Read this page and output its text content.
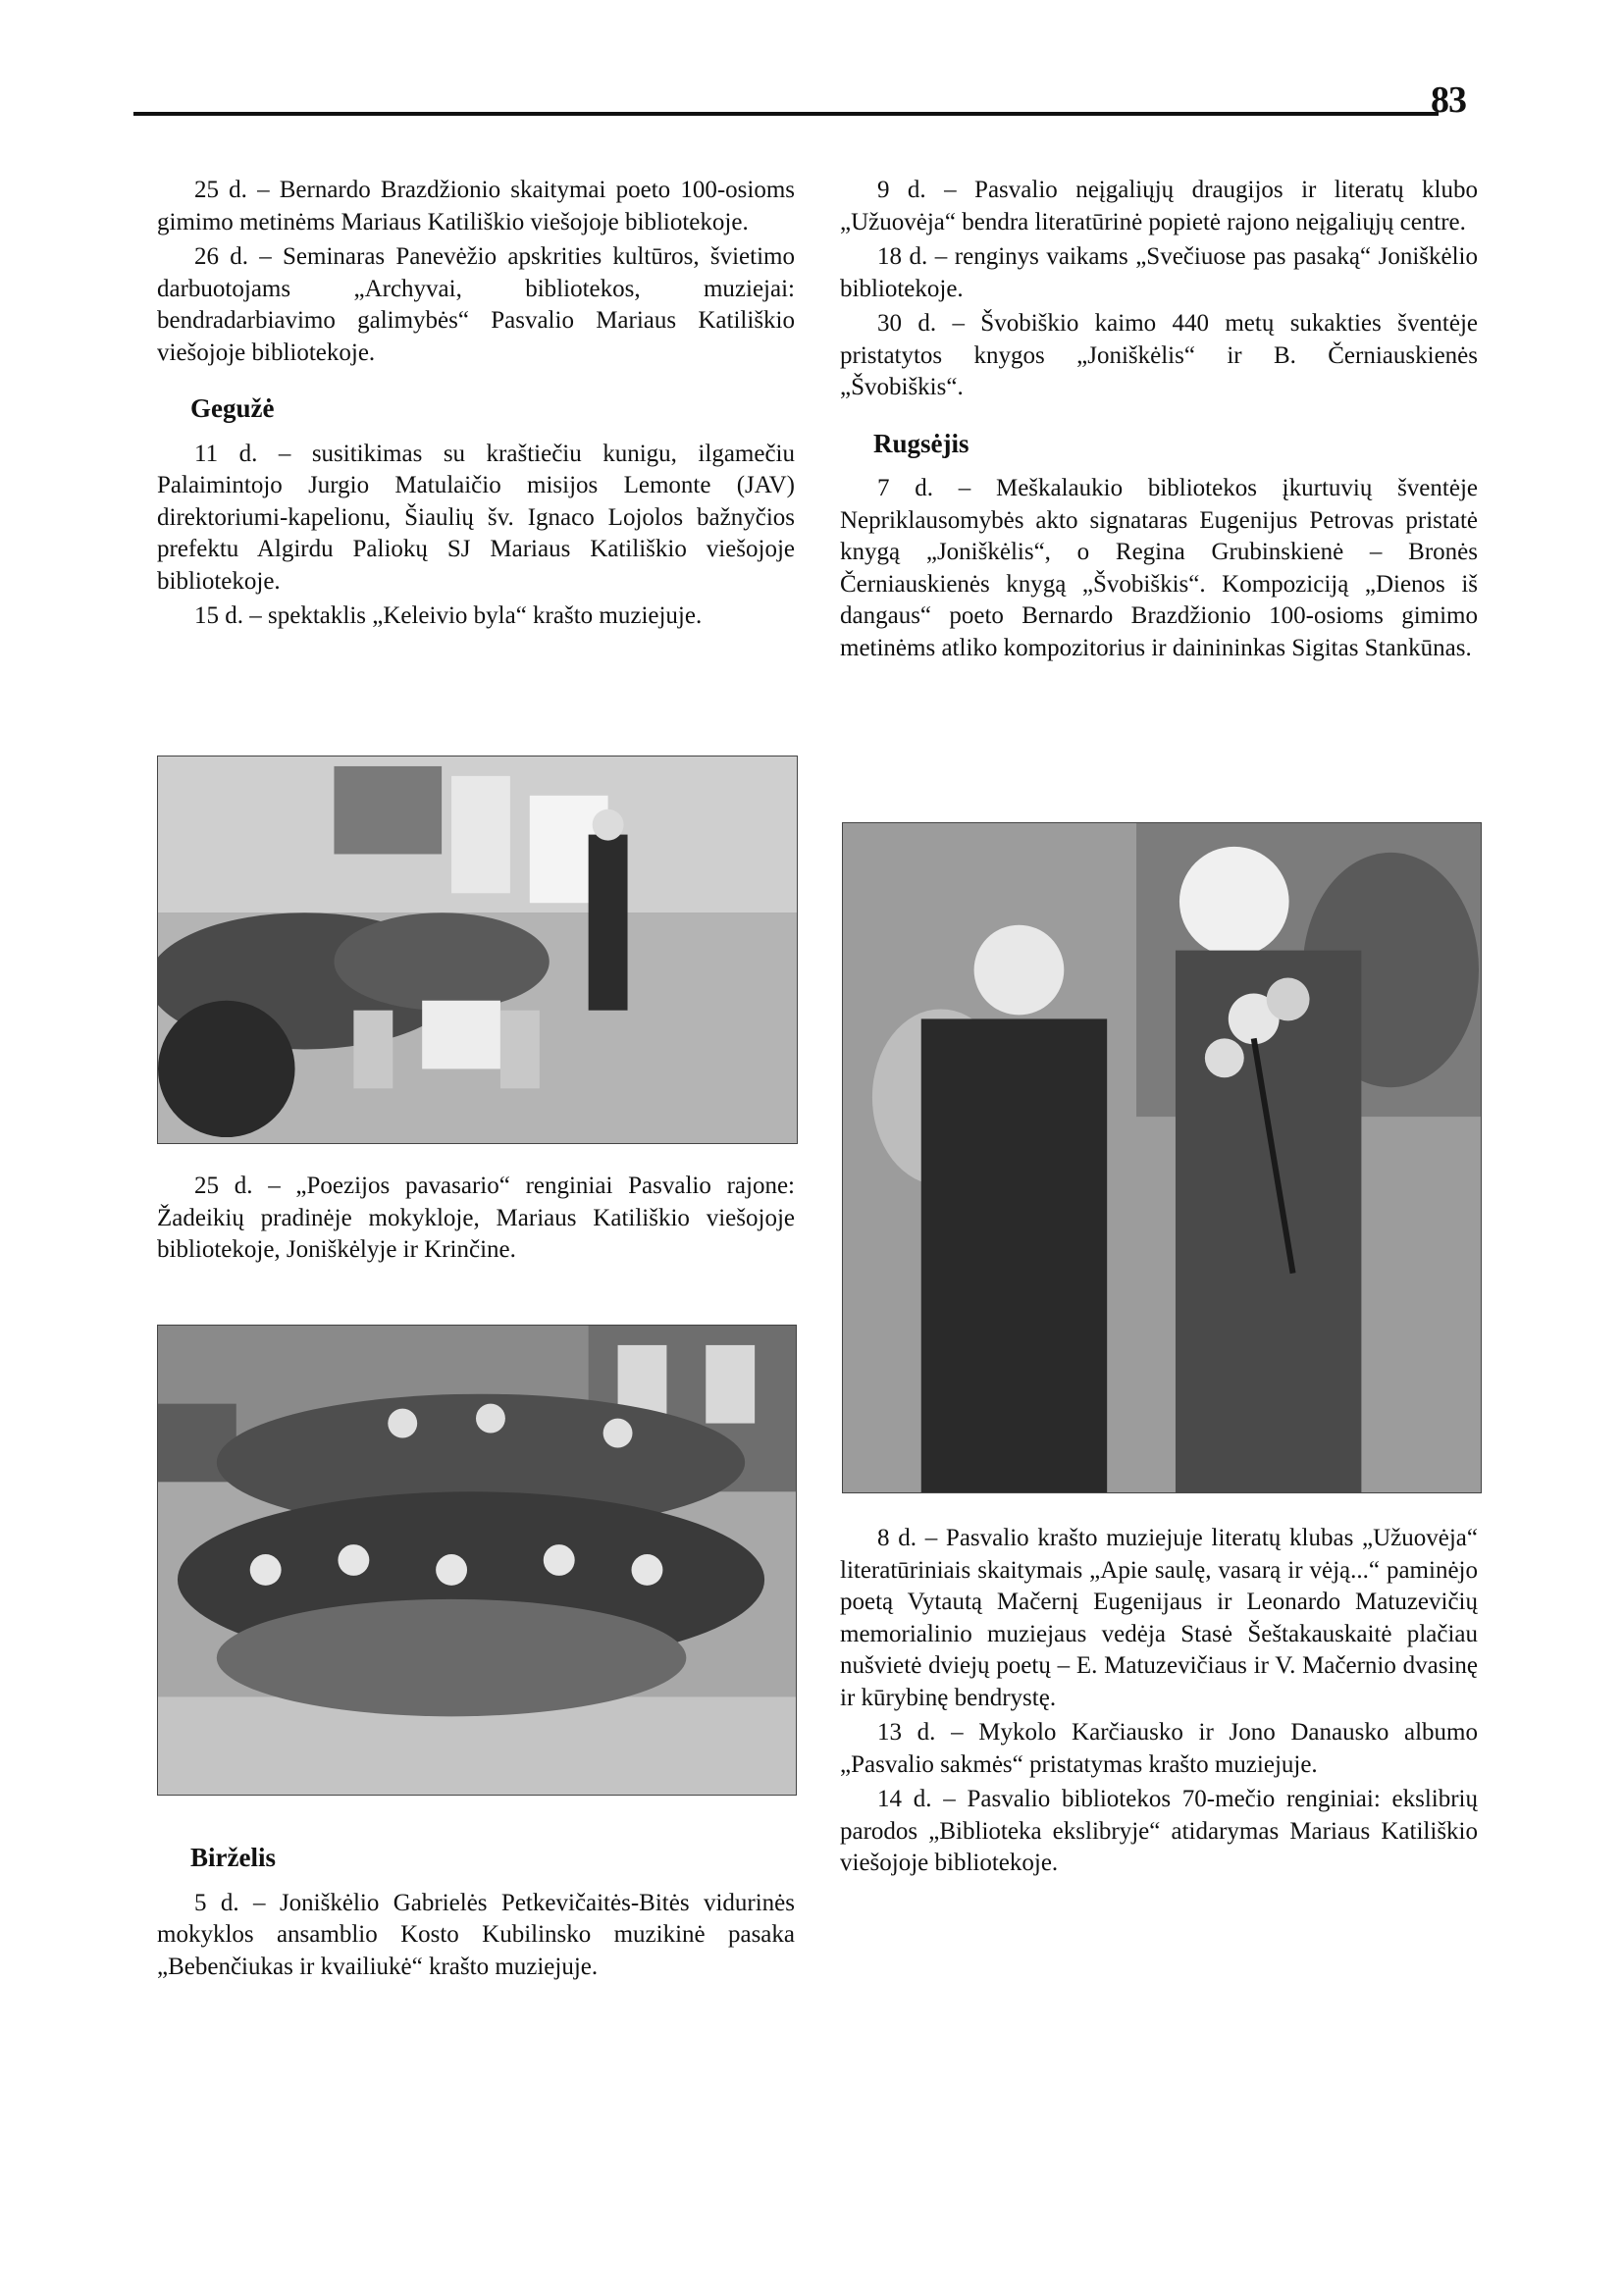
83

25 d. – Bernardo Brazdžionio skaitymai poeto 100-osioms gimimo metinėms Mariaus Katiliškio viešojoje bibliotekoje.

26 d. – Seminaras Panevėžio apskrities kultūros, švietimo darbuotojams „Archyvai, bibliotekos, muziejai: bendradarbiavimo galimybės“ Pasvalio Mariaus Katiliškio viešojoje bibliotekoje.

Gegužė

11 d. – susitikimas su kraštiečiu kunigu, ilgamečiu Palaimintojo Jurgio Matulaičio misijos Lemonte (JAV) direktoriumi-kapelionu, Šiaulių šv. Ignaco Lojolos bažnyčios prefektu Algirdu Paliokų SJ Mariaus Katiliškio viešojoje bibliotekoje.

15 d. – spektaklis „Keleivio byla“ krašto muziejuje.

25 d. – „Poezijos pavasario“ renginiai Pasvalio rajone: Žadeikių pradinėje mokykloje, Mariaus Katiliškio viešojoje bibliotekoje, Joniškėlyje ir Krinčine.

Birželis

5 d. – Joniškėlio Gabrielės Petkevičaitės-Bitės vidurinės mokyklos ansamblio Kosto Kubilinsko muzikinė pasaka „Bebenčiukas ir kvailiukė“ krašto muziejuje.

9 d. – Pasvalio neįgaliųjų draugijos ir literatų klubo „Užuovėja“ bendra literatūrinė popietė rajono neįgaliųjų centre.

18 d. – renginys vaikams „Svečiuose pas pasaką“ Joniškėlio bibliotekoje.

30 d. – Švobiškio kaimo 440 metų sukakties šventėje pristatytos knygos „Joniškėlis“ ir B. Černiauskienės „Švobiškis“.

Rugsėjis

7 d. – Meškalaukio bibliotekos įkurtuvių šventėje Nepriklausomybės akto signataras Eugenijus Petrovas pristatė knygą „Joniškėlis“, o Regina Grubinskienė – Bronės Černiauskienės knygą „Švobiškis“. Kompoziciją „Dienos iš dangaus“ poeto Bernardo Brazdžionio 100-osioms gimimo metinėms atliko kompozitorius ir dainininkas Sigitas Stankūnas.

8 d. – Pasvalio krašto muziejuje literatų klubas „Užuovėja“ literatūriniais skaitymais „Apie saulę, vasarą ir vėją...“ paminėjo poetą Vytautą Mačernį Eugenijaus ir Leonardo Matuzevičių memorialinio muziejaus vedėja Stasė Šeštakauskaitė plačiau nušvietė dviejų poetų – E. Matuzevičiaus ir V. Mačernio dvasinę ir kūrybinę bendrystę.

13 d. – Mykolo Karčiausko ir Jono Danausko albumo „Pasvalio sakmės“ pristatymas krašto muziejuje.

14 d. – Pasvalio bibliotekos 70-mečio renginiai: ekslibrių parodos „Biblioteka ekslibryje“ atidarymas Mariaus Katiliškio viešojoje bibliotekoje.
